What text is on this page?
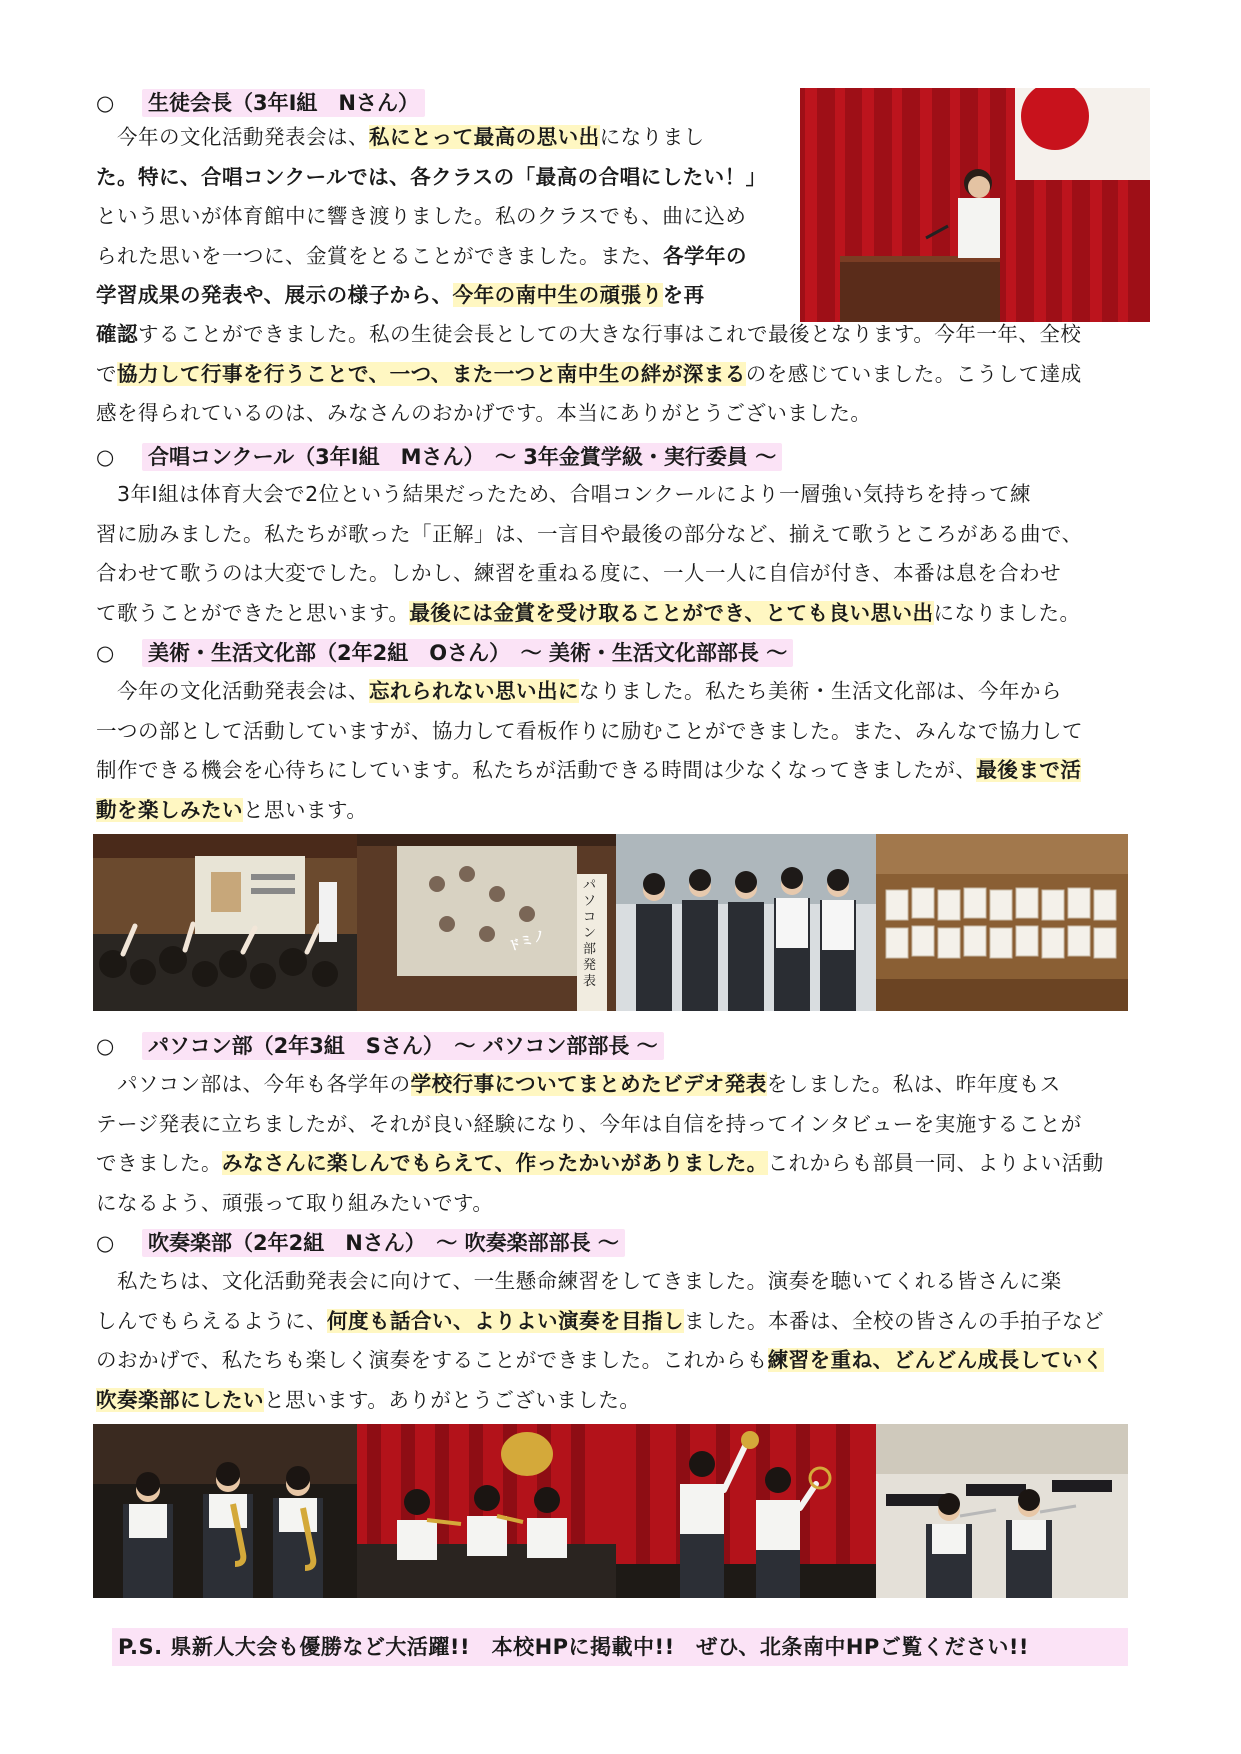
○ 生徒会長（3年Ⅰ組　Nさん）
 今年の文化活動発表会は、私にとって最高の思い出になりまし
た。特に、合唱コンクールでは、各クラスの「最高の合唱にしたい！」
という思いが体育館中に響き渡りました。私のクラスでも、曲に込め
られた思いを一つに、金賞をとることができました。また、各学年の
学習成果の発表や、展示の様子から、今年の南中生の頑張りを再
確認することができました。私の生徒会長としての大きな行事はこれで最後となります。今年一年、全校
で協力して行事を行うことで、一つ、また一つと南中生の絆が深まるのを感じていました。こうして達成
感を得られているのは、みなさんのおかげです。本当にありがとうございました。
○ 合唱コンクール（3年Ⅰ組　Mさん）　～ 3年金賞学級・実行委員 ～
 3年Ⅰ組は体育大会で2位という結果だったため、合唱コンクールにより一層強い気持ちを持って練
習に励みました。私たちが歌った「正解」は、一言目や最後の部分など、揃えて歌うところがある曲で、
合わせて歌うのは大変でした。しかし、練習を重ねる度に、一人一人に自信が付き、本番は息を合わせ
て歌うことができたと思います。最後には金賞を受け取ることができ、とても良い思い出になりました。
○ 美術・生活文化部（2年2組　Oさん）　～ 美術・生活文化部部長 ～
 今年の文化活動発表会は、忘れられない思い出になりました。私たち美術・生活文化部は、今年から
一つの部として活動していますが、協力して看板作りに励むことができました。また、みんなで協力して
制作できる機会を心待ちにしています。私たちが活動できる時間は少なくなってきましたが、最後まで活
動を楽しみたいと思います。
ドミノ
パソコン部 発表
○ パソコン部（2年3組　Sさん）　～ パソコン部部長 ～
 パソコン部は、今年も各学年の学校行事についてまとめたビデオ発表をしました。私は、昨年度もス
テージ発表に立ちましたが、それが良い経験になり、今年は自信を持ってインタビューを実施することが
できました。みなさんに楽しんでもらえて、作ったかいがありました。これからも部員一同、よりよい活動
になるよう、頑張って取り組みたいです。
○ 吹奏楽部（2年2組　Nさん）　～ 吹奏楽部部長 ～
 私たちは、文化活動発表会に向けて、一生懸命練習をしてきました。演奏を聴いてくれる皆さんに楽
しんでもらえるように、何度も話合い、よりよい演奏を目指しました。本番は、全校の皆さんの手拍子など
のおかげで、私たちも楽しく演奏をすることができました。これからも練習を重ね、どんどん成長していく
吹奏楽部にしたいと思います。ありがとうございました。
P.S. 県新人大会も優勝など大活躍!!　本校HPに掲載中!!　ぜひ、北条南中HPご覧ください!!
